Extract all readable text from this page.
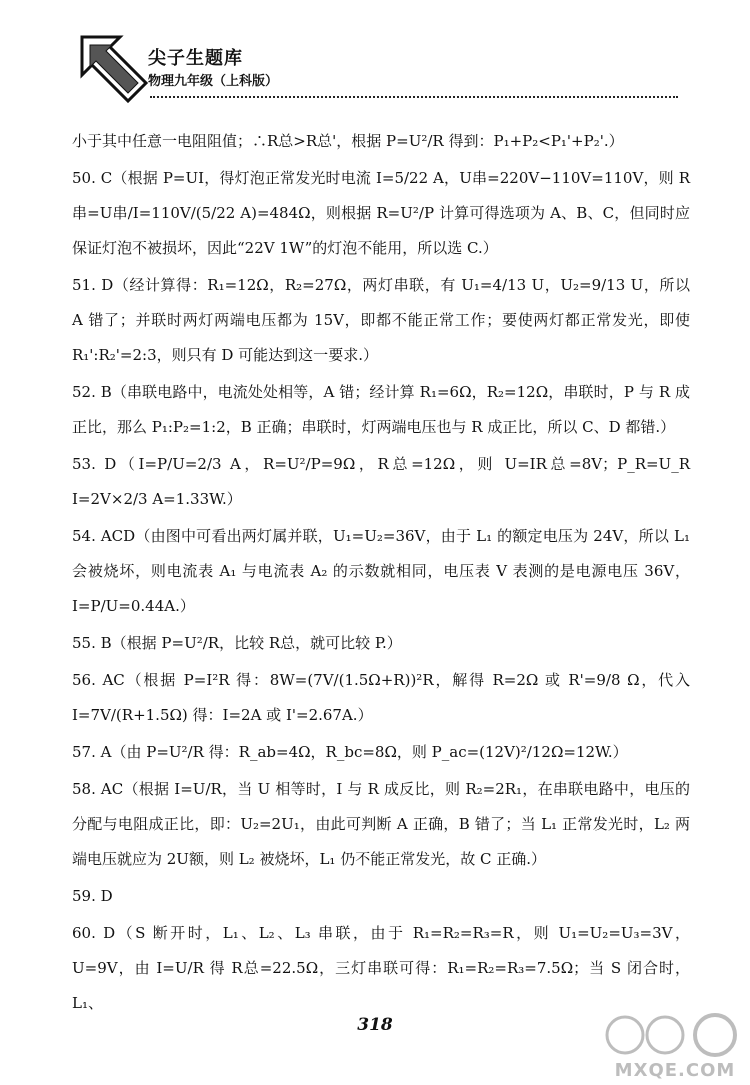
尖子生题库
物理九年级（上科版）

小于其中任意一电阻阻值；∴R总>R总'，根据 P=U²/R 得到：P₁+P₂<P₁'+P₂'.）

50. C（根据 P=UI，得灯泡正常发光时电流 I=5/22 A，U串=220V−110V=110V，则 R串=U串/I=110V/(5/22 A)=484Ω，则根据 R=U²/P 计算可得选项为 A、B、C，但同时应保证灯泡不被损坏，因此“22V 1W”的灯泡不能用，所以选 C.）

51. D（经计算得：R₁=12Ω，R₂=27Ω，两灯串联，有 U₁=4/13 U，U₂=9/13 U，所以 A 错了；并联时两灯两端电压都为 15V，即都不能正常工作；要使两灯都正常发光，即使 R₁':R₂'=2:3，则只有 D 可能达到这一要求.）

52. B（串联电路中，电流处处相等，A 错；经计算 R₁=6Ω，R₂=12Ω，串联时，P 与 R 成正比，那么 P₁:P₂=1:2，B 正确；串联时，灯两端电压也与 R 成正比，所以 C、D 都错.）

53. D（I=P/U=2/3 A，R=U²/P=9Ω，R总=12Ω，则 U=IR总=8V；P_R=U_R I=2V×2/3 A=1.33W.）

54. ACD（由图中可看出两灯属并联，U₁=U₂=36V，由于 L₁ 的额定电压为 24V，所以 L₁ 会被烧坏，则电流表 A₁ 与电流表 A₂ 的示数就相同，电压表 V 表测的是电源电压 36V，I=P/U=0.44A.）

55. B（根据 P=U²/R，比较 R总，就可比较 P.）

56. AC（根据 P=I²R 得：8W=(7V/(1.5Ω+R))²R，解得 R=2Ω 或 R'=9/8 Ω，代入 I=7V/(R+1.5Ω) 得：I=2A 或 I'=2.67A.）

57. A（由 P=U²/R 得：R_ab=4Ω，R_bc=8Ω，则 P_ac=(12V)²/12Ω=12W.）

58. AC（根据 I=U/R，当 U 相等时，I 与 R 成反比，则 R₂=2R₁，在串联电路中，电压的分配与电阻成正比，即：U₂=2U₁，由此可判断 A 正确，B 错了；当 L₁ 正常发光时，L₂ 两端电压就应为 2U额，则 L₂ 被烧坏，L₁ 仍不能正常发光，故 C 正确.）

59. D

60. D（S 断开时，L₁、L₂、L₃ 串联，由于 R₁=R₂=R₃=R，则 U₁=U₂=U₃=3V，U=9V，由 I=U/R 得 R总=22.5Ω，三灯串联可得：R₁=R₂=R₃=7.5Ω；当 S 闭合时，L₁、

318
MXQE.COM
